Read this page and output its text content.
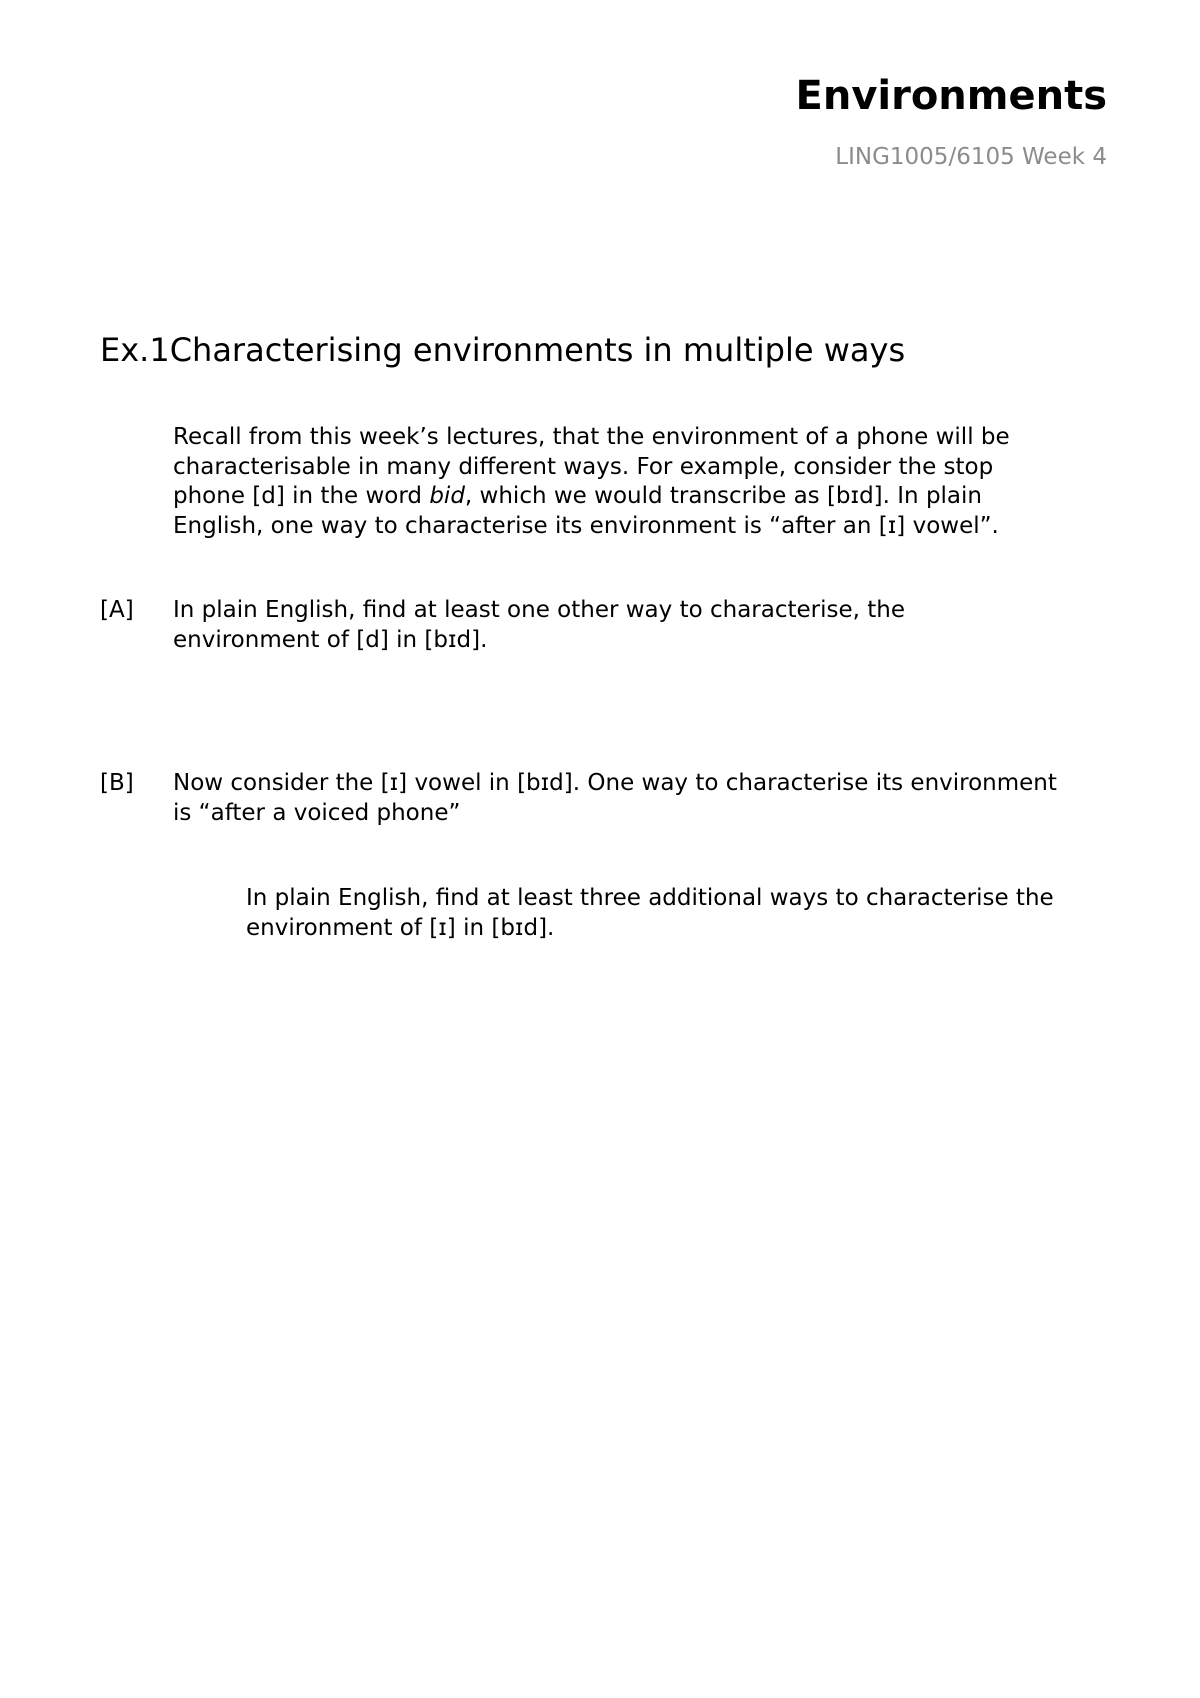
Environments
LING1005/6105 Week 4
Ex.1Characterising environments in multiple ways
Recall from this week’s lectures, that the environment of a phone will be
characterisable in many different ways. For example, consider the stop
phone [d] in the word bid, which we would transcribe as [bɪd]. In plain
English, one way to characterise its environment is “after an [ɪ] vowel”.
[A] In plain English, find at least one other way to characterise, the
environment of [d] in [bɪd].
[B] Now consider the [ɪ] vowel in [bɪd]. One way to characterise its environment
is “after a voiced phone”
In plain English, find at least three additional ways to characterise the
environment of [ɪ] in [bɪd].
